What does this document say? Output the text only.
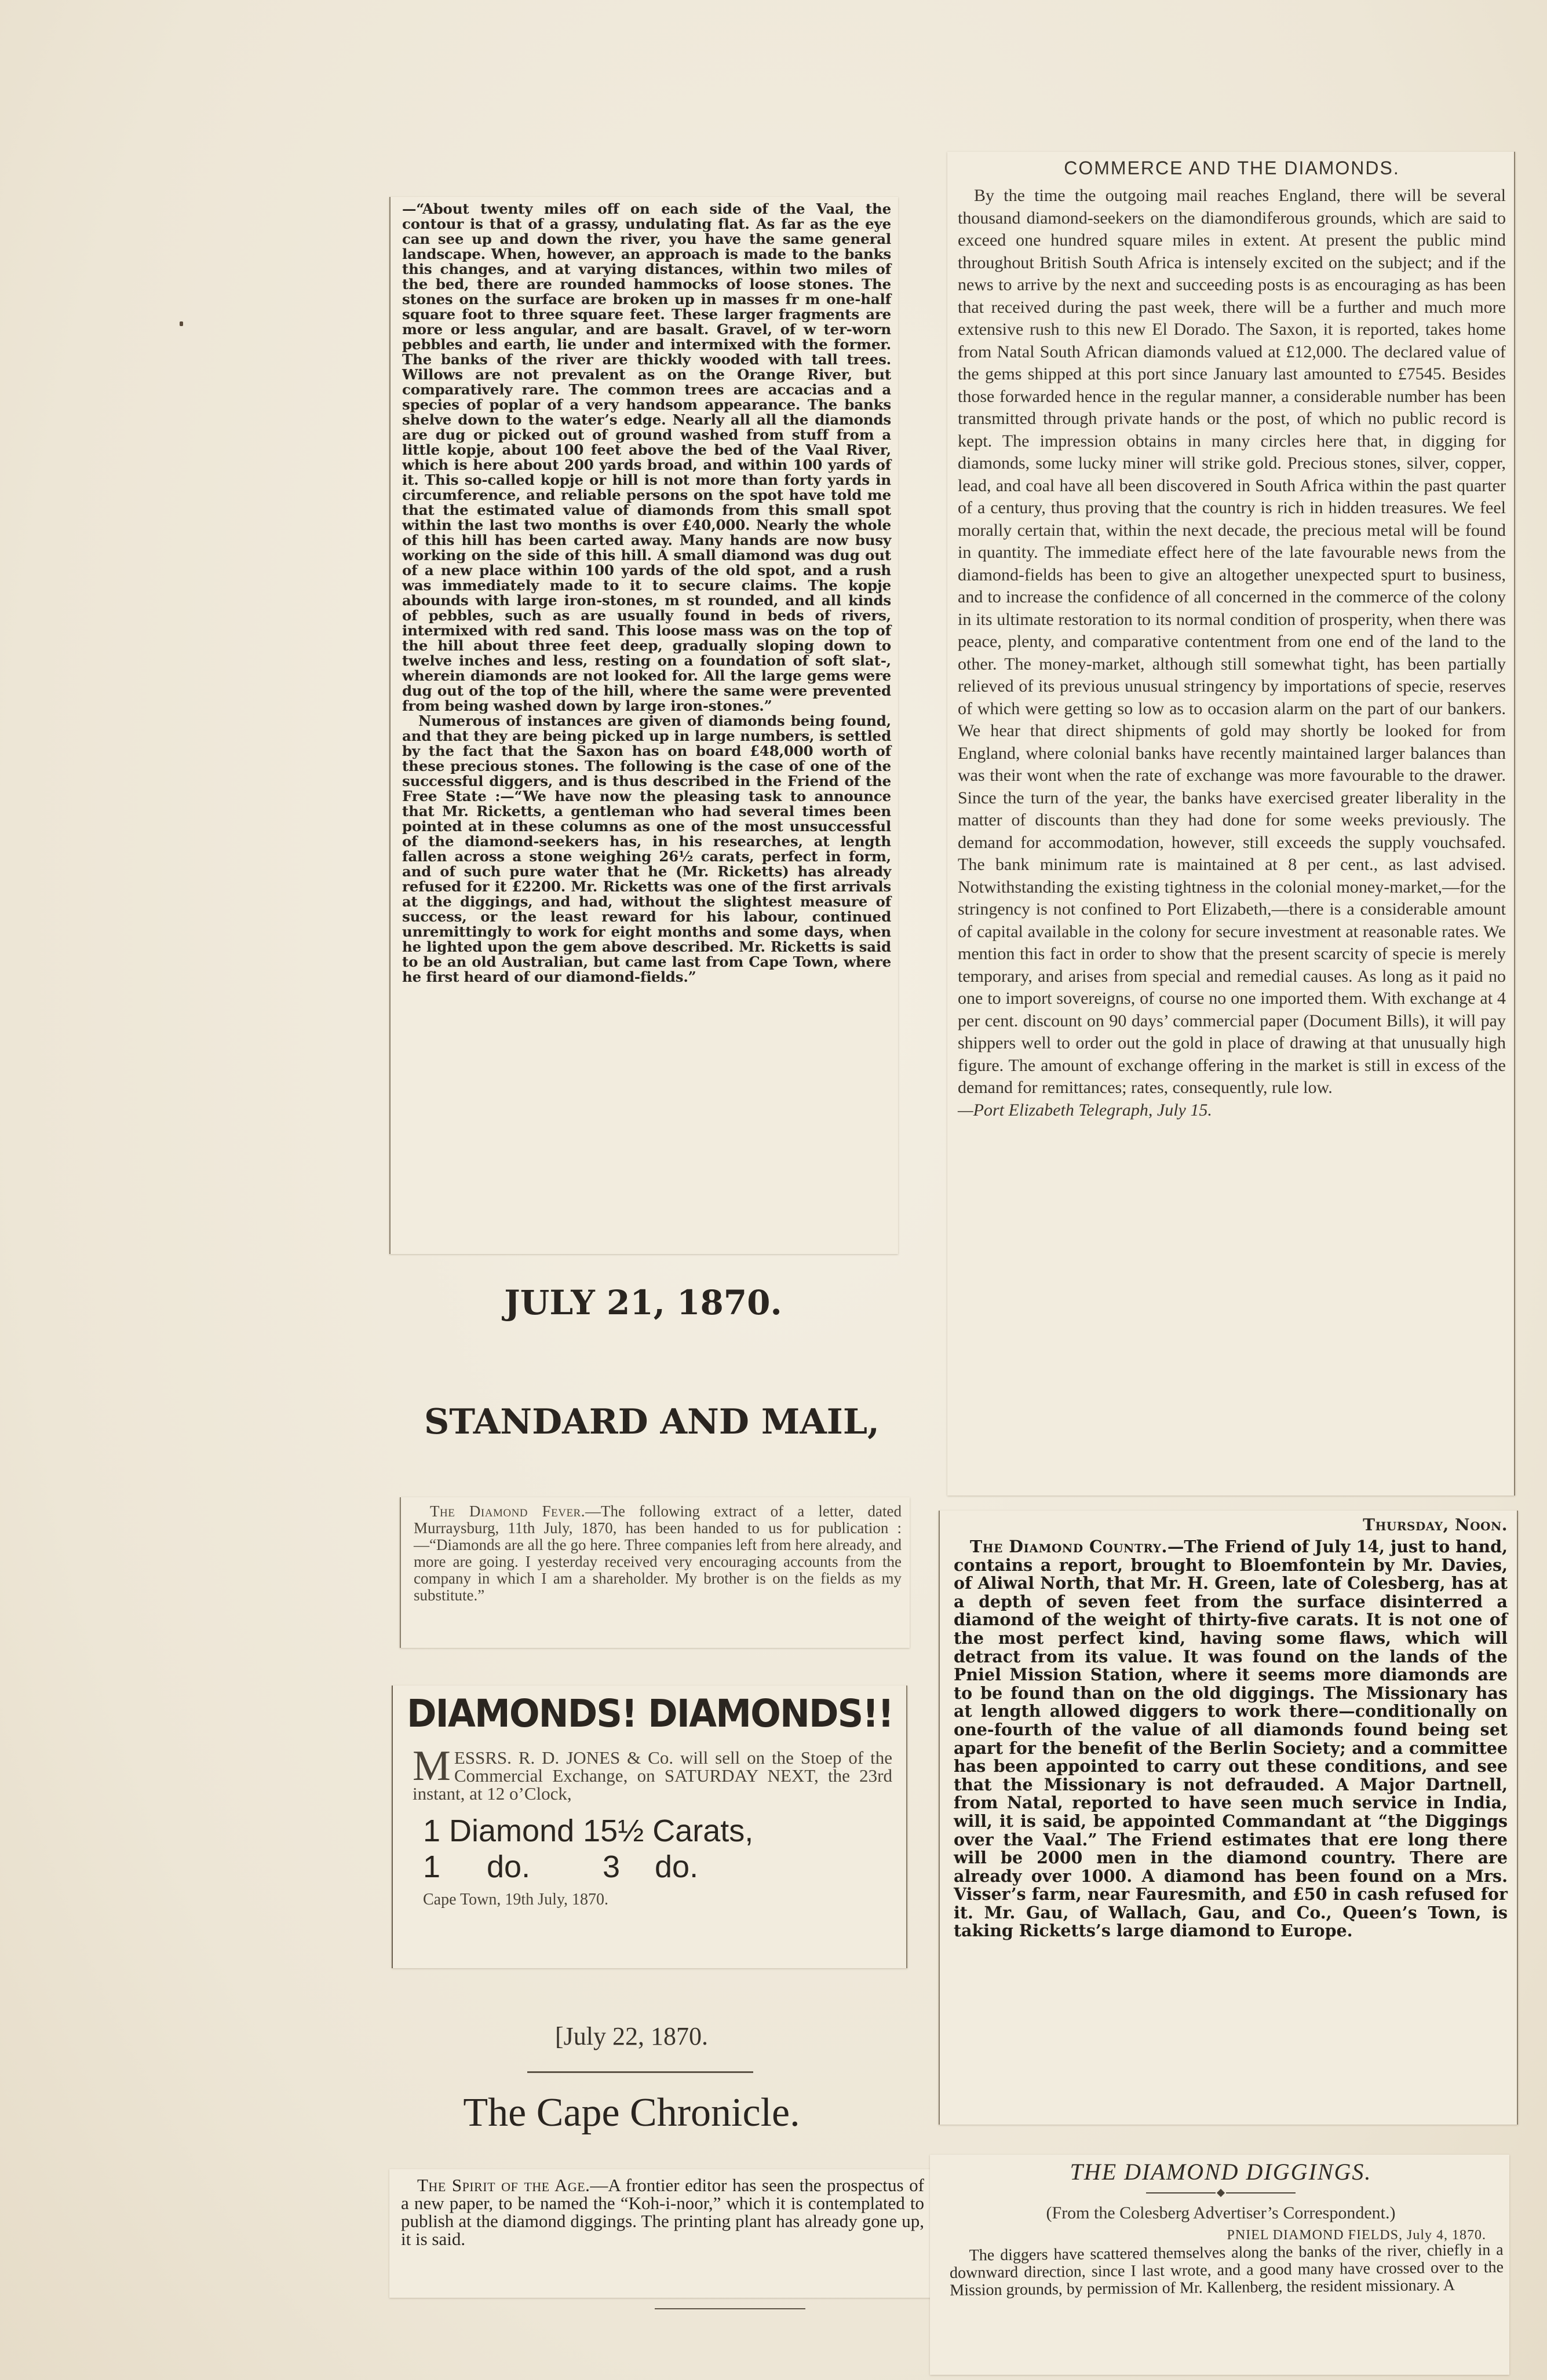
—“About twenty miles off on each side of the Vaal, the contour is that of a grassy, undulating flat. As far as the eye can see up and down the river, you have the same general landscape. When, however, an approach is made to the banks this changes, and at varying distances, within two miles of the bed, there are rounded hammocks of loose stones. The stones on the surface are broken up in masses fr m one-half square foot to three square feet. These larger fragments are more or less angular, and are basalt. Gravel, of w ter-worn pebbles and earth, lie under and intermixed with the former. The banks of the river are thickly wooded with tall trees. Willows are not prevalent as on the Orange River, but comparatively rare. The common trees are accacias and a species of poplar of a very handsom appearance. The banks shelve down to the water’s edge. Nearly all all the diamonds are dug or picked out of ground washed from stuff from a little kopje, about 100 feet above the bed of the Vaal River, which is here about 200 yards broad, and within 100 yards of it. This so-called kopje or hill is not more than forty yards in circumference, and reliable persons on the spot have told me that the estimated value of diamonds from this small spot within the last two months is over £40,000. Nearly the whole of this hill has been carted away. Many hands are now busy working on the side of this hill. A small diamond was dug out of a new place within 100 yards of the old spot, and a rush was immediately made to it to secure claims. The kopje abounds with large iron-stones, m st rounded, and all kinds of pebbles, such as are usually found in beds of rivers, intermixed with red sand. This loose mass was on the top of the hill about three feet deep, gradually sloping down to twelve inches and less, resting on a foundation of soft slat-, wherein diamonds are not looked for. All the large gems were dug out of the top of the hill, where the same were prevented from being washed down by large iron-stones.”

Numerous of instances are given of diamonds being found, and that they are being picked up in large numbers, is settled by the fact that the Saxon has on board £48,000 worth of these precious stones. The following is the case of one of the successful diggers, and is thus described in the Friend of the Free State :—“We have now the pleasing task to announce that Mr. Ricketts, a gentleman who had several times been pointed at in these columns as one of the most unsuccessful of the diamond-seekers has, in his researches, at length fallen across a stone weighing 26½ carats, perfect in form, and of such pure water that he (Mr. Ricketts) has already refused for it £2200. Mr. Ricketts was one of the first arrivals at the diggings, and had, without the slightest measure of success, or the least reward for his labour, continued unremittingly to work for eight months and some days, when he lighted upon the gem above described. Mr. Ricketts is said to be an old Australian, but came last from Cape Town, where he first heard of our diamond-fields.”

JULY 21, 1870.
STANDARD AND MAIL,

The Diamond Fever.—The following extract of a letter, dated Murraysburg, 11th July, 1870, has been handed to us for publication :—“Diamonds are all the go here. Three companies left from here already, and more are going. I yesterday received very encouraging accounts from the company in which I am a shareholder. My brother is on the fields as my substitute.”

DIAMONDS! DIAMONDS!!
MESSRS. R. D. JONES & Co. will sell on the Stoep of the Commercial Exchange, on SATURDAY NEXT, the 23rd instant, at 12 o’Clock,
1 Diamond 15½ Carats,
1 do. 3 do.
Cape Town, 19th July, 1870.
[July 22, 1870.
The Cape Chronicle.

The Spirit of the Age.—A frontier editor has seen the prospectus of a new paper, to be named the “Koh-i-noor,” which it is contemplated to publish at the diamond diggings. The printing plant has already gone up, it is said.

COMMERCE AND THE DIAMONDS.

By the time the outgoing mail reaches England, there will be several thousand diamond-seekers on the diamondiferous grounds, which are said to exceed one hundred square miles in extent. At present the public mind throughout British South Africa is intensely excited on the subject; and if the news to arrive by the next and succeeding posts is as encouraging as has been that received during the past week, there will be a further and much more extensive rush to this new El Dorado. The Saxon, it is reported, takes home from Natal South African diamonds valued at £12,000. The declared value of the gems shipped at this port since January last amounted to £7545. Besides those forwarded hence in the regular manner, a considerable number has been transmitted through private hands or the post, of which no public record is kept. The impression obtains in many circles here that, in digging for diamonds, some lucky miner will strike gold. Precious stones, silver, copper, lead, and coal have all been discovered in South Africa within the past quarter of a century, thus proving that the country is rich in hidden treasures. We feel morally certain that, within the next decade, the precious metal will be found in quantity. The immediate effect here of the late favourable news from the diamond-fields has been to give an altogether unexpected spurt to business, and to increase the confidence of all concerned in the commerce of the colony in its ultimate restoration to its normal condition of prosperity, when there was peace, plenty, and comparative contentment from one end of the land to the other. The money-market, although still somewhat tight, has been partially relieved of its previous unusual stringency by importations of specie, reserves of which were getting so low as to occasion alarm on the part of our bankers. We hear that direct shipments of gold may shortly be looked for from England, where colonial banks have recently maintained larger balances than was their wont when the rate of exchange was more favourable to the drawer. Since the turn of the year, the banks have exercised greater liberality in the matter of discounts than they had done for some weeks previously. The demand for accommodation, however, still exceeds the supply vouchsafed. The bank minimum rate is maintained at 8 per cent., as last advised. Notwithstanding the existing tightness in the colonial money-market,—for the stringency is not confined to Port Elizabeth,—there is a considerable amount of capital available in the colony for secure investment at reasonable rates. We mention this fact in order to show that the present scarcity of specie is merely temporary, and arises from special and remedial causes. As long as it paid no one to import sovereigns, of course no one imported them. With exchange at 4 per cent. discount on 90 days’ commercial paper (Document Bills), it will pay shippers well to order out the gold in place of drawing at that unusually high figure. The amount of exchange offering in the market is still in excess of the demand for remittances; rates, consequently, rule low.

—Port Elizabeth Telegraph, July 15.

Thursday, Noon.

The Diamond Country.—The Friend of July 14, just to hand, contains a report, brought to Bloemfontein by Mr. Davies, of Aliwal North, that Mr. H. Green, late of Colesberg, has at a depth of seven feet from the surface disinterred a diamond of the weight of thirty-five carats. It is not one of the most perfect kind, having some flaws, which will detract from its value. It was found on the lands of the Pniel Mission Station, where it seems more diamonds are to be found than on the old diggings. The Missionary has at length allowed diggers to work there—conditionally on one-fourth of the value of all diamonds found being set apart for the benefit of the Berlin Society; and a committee has been appointed to carry out these conditions, and see that the Missionary is not defrauded. A Major Dartnell, from Natal, reported to have seen much service in India, will, it is said, be appointed Commandant at “the Diggings over the Vaal.” The Friend estimates that ere long there will be 2000 men in the diamond country. There are already over 1000. A diamond has been found on a Mrs. Visser’s farm, near Fauresmith, and £50 in cash refused for it. Mr. Gau, of Wallach, Gau, and Co., Queen’s Town, is taking Ricketts’s large diamond to Europe.

THE DIAMOND DIGGINGS.
(From the Colesberg Advertiser’s Correspondent.)
PNIEL DIAMOND FIELDS, July 4, 1870.

The diggers have scattered themselves along the banks of the river, chiefly in a downward direction, since I last wrote, and a good many have crossed over to the Mission grounds, by permission of Mr. Kallenberg, the resident missionary. A
